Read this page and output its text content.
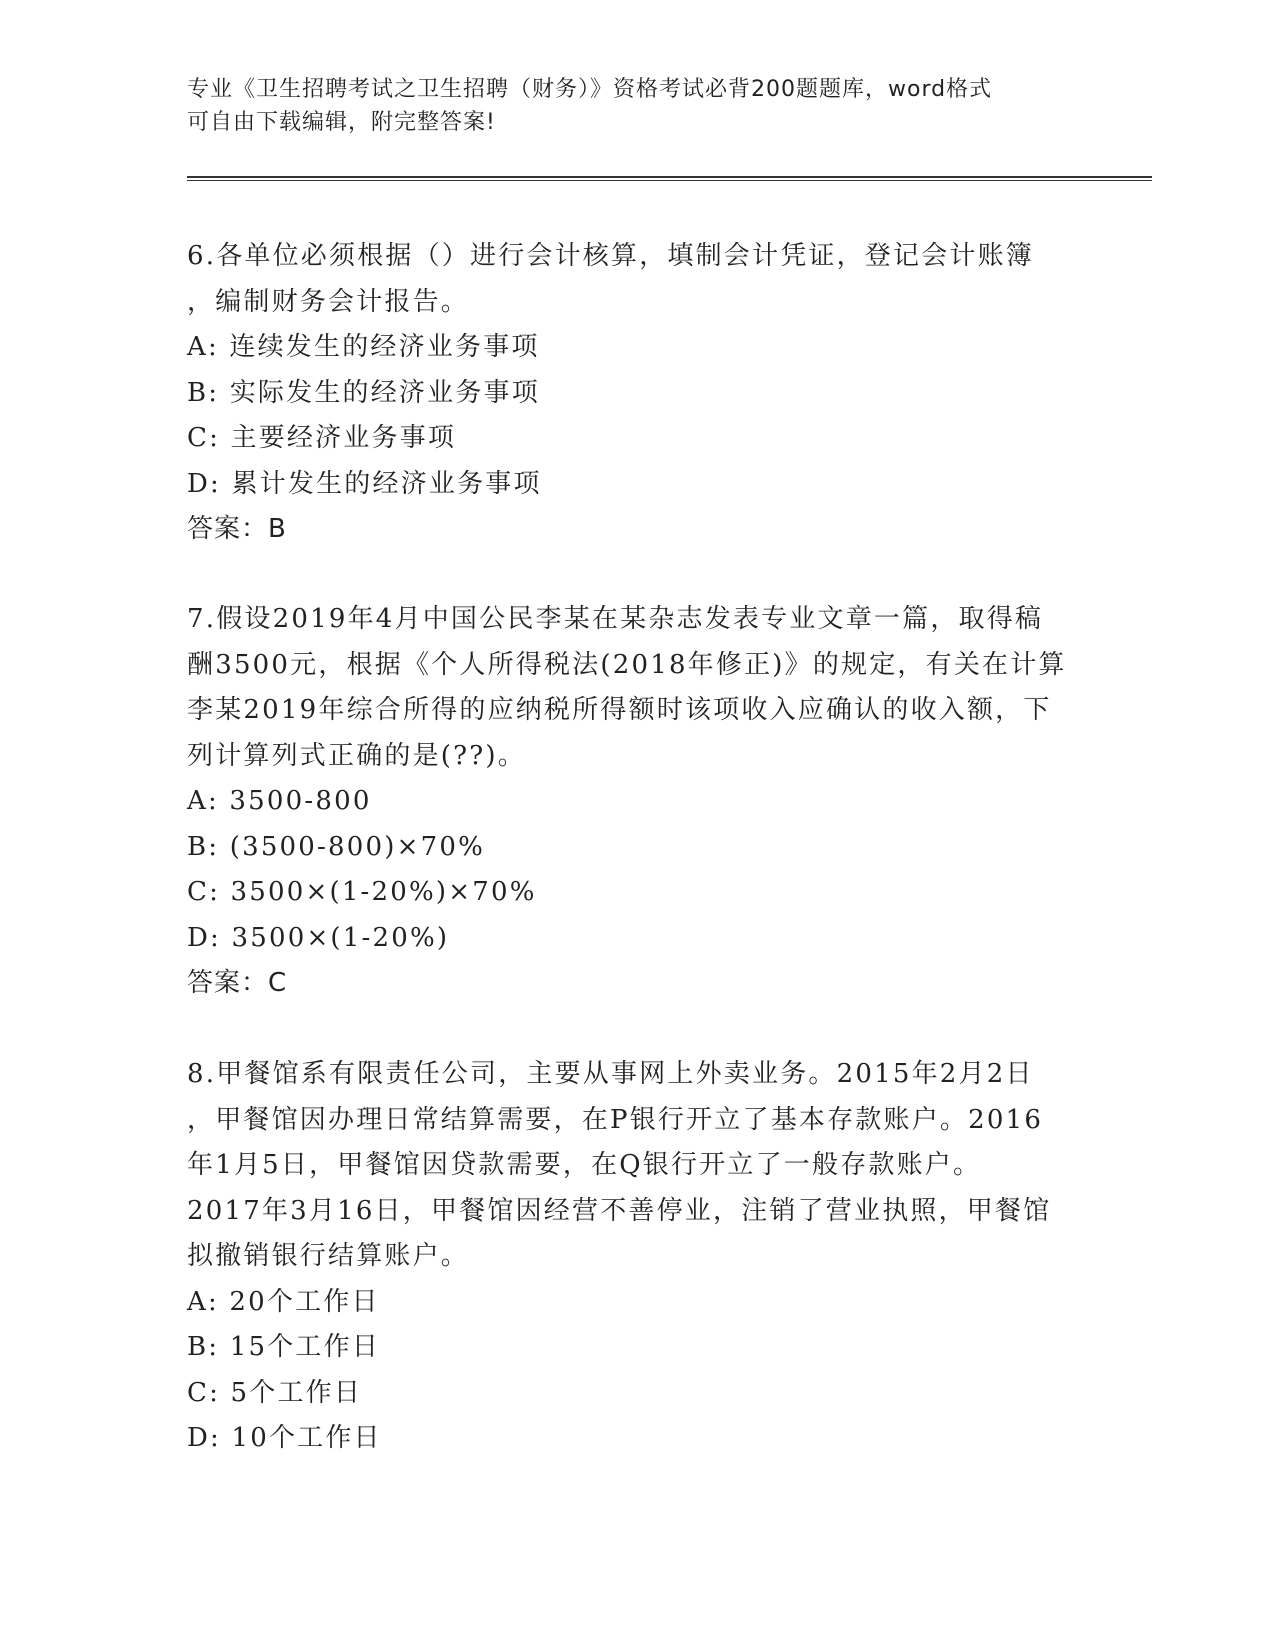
专业《卫生招聘考试之卫生招聘（财务）》资格考试必背200题题库，word格式
可自由下载编辑，附完整答案!

6.各单位必须根据（）进行会计核算，填制会计凭证，登记会计账簿

，编制财务会计报告。

A: 连续发生的经济业务事项

B: 实际发生的经济业务事项

C: 主要经济业务事项

D: 累计发生的经济业务事项

答案：B

7.假设2019年4月中国公民李某在某杂志发表专业文章一篇，取得稿

酬3500元，根据《个人所得税法(2018年修正)》的规定，有关在计算

李某2019年综合所得的应纳税所得额时该项收入应确认的收入额，下

列计算列式正确的是(??)。

A: 3500-800

B: (3500-800)×70%

C: 3500×(1-20%)×70%

D: 3500×(1-20%)

答案：C

8.甲餐馆系有限责任公司，主要从事网上外卖业务。2015年2月2日

，甲餐馆因办理日常结算需要，在P银行开立了基本存款账户。2016

年1月5日，甲餐馆因贷款需要，在Q银行开立了一般存款账户。

2017年3月16日，甲餐馆因经营不善停业，注销了营业执照，甲餐馆

拟撤销银行结算账户。

A: 20个工作日

B: 15个工作日

C: 5个工作日

D: 10个工作日
